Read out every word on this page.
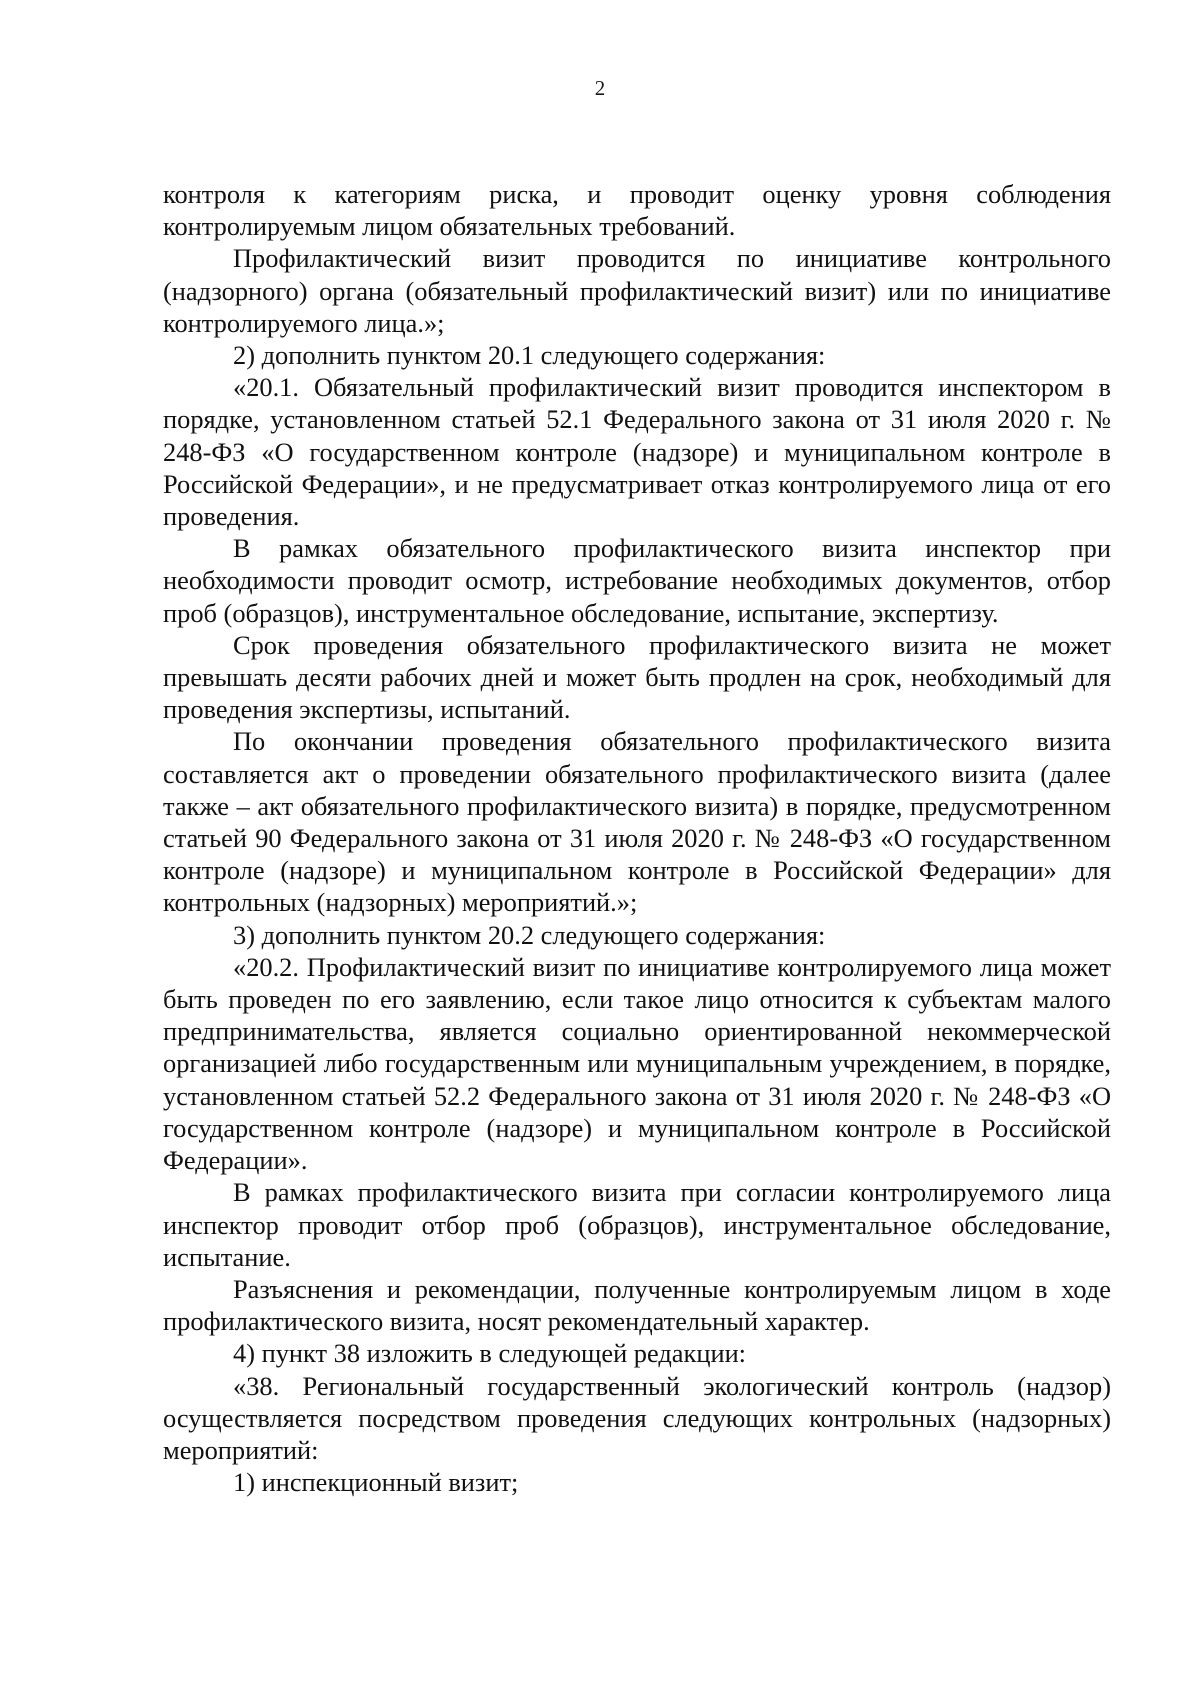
2

контроля к категориям риска, и проводит оценку уровня соблюдения контролируемым лицом обязательных требований.

Профилактический визит проводится по инициативе контрольного (надзорного) органа (обязательный профилактический визит) или по инициативе контролируемого лица.»;

2) дополнить пунктом 20.1 следующего содержания:

«20.1. Обязательный профилактический визит проводится инспектором в порядке, установленном статьей 52.1 Федерального закона от 31 июля 2020 г. № 248-ФЗ «О государственном контроле (надзоре) и муниципальном контроле в Российской Федерации», и не предусматривает отказ контролируемого лица от его проведения.

В рамках обязательного профилактического визита инспектор при необходимости проводит осмотр, истребование необходимых документов, отбор проб (образцов), инструментальное обследование, испытание, экспертизу.

Срок проведения обязательного профилактического визита не может превышать десяти рабочих дней и может быть продлен на срок, необходимый для проведения экспертизы, испытаний.

По окончании проведения обязательного профилактического визита составляется акт о проведении обязательного профилактического визита (далее также – акт обязательного профилактического визита) в порядке, предусмотренном статьей 90 Федерального закона от 31 июля 2020 г. № 248-ФЗ «О государственном контроле (надзоре) и муниципальном контроле в Российской Федерации» для контрольных (надзорных) мероприятий.»;

3) дополнить пунктом 20.2 следующего содержания:

«20.2. Профилактический визит по инициативе контролируемого лица может быть проведен по его заявлению, если такое лицо относится к субъектам малого предпринимательства, является социально ориентированной некоммерческой организацией либо государственным или муниципальным учреждением, в порядке, установленном статьей 52.2 Федерального закона от 31 июля 2020 г. № 248-ФЗ «О государственном контроле (надзоре) и муниципальном контроле в Российской Федерации».

В рамках профилактического визита при согласии контролируемого лица инспектор проводит отбор проб (образцов), инструментальное обследование, испытание.

Разъяснения и рекомендации, полученные контролируемым лицом в ходе профилактического визита, носят рекомендательный характер.

4) пункт 38 изложить в следующей редакции:

«38. Региональный государственный экологический контроль (надзор) осуществляется посредством проведения следующих контрольных (надзорных) мероприятий:

1) инспекционный визит;
